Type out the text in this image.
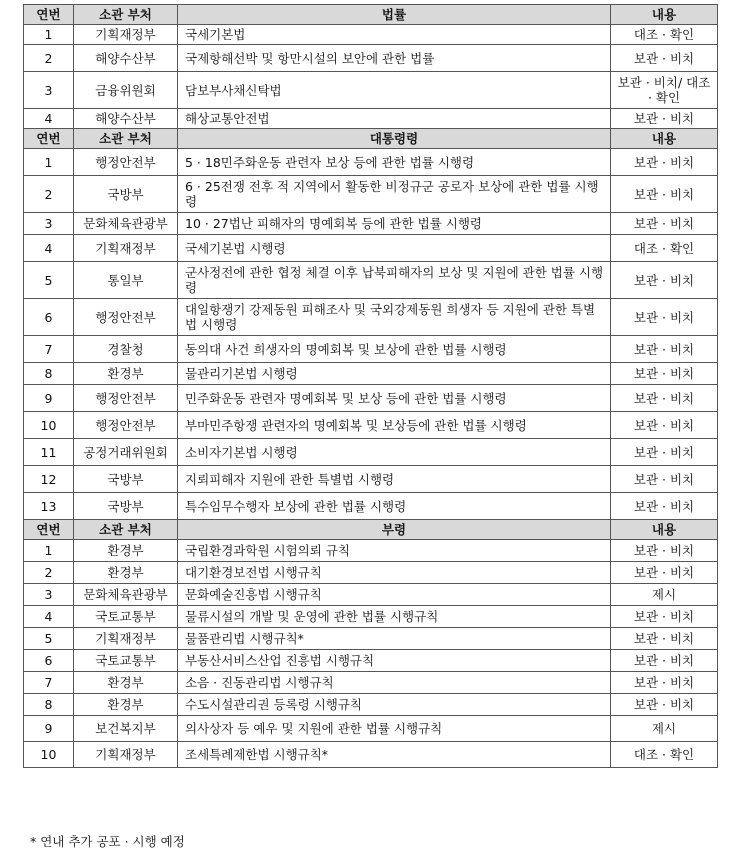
연번	소관 부처	법률	내용
1	기획재정부	국세기본법	대조 · 확인
2	해양수산부	국제항해선박 및 항만시설의 보안에 관한 법률	보관 · 비치
3	금융위원회	담보부사채신탁법	보관 · 비치/ 대조 · 확인
4	해양수산부	해상교통안전법	보관 · 비치
연번	소관 부처	대통령령	내용
1	행정안전부	5 · 18민주화운동 관련자 보상 등에 관한 법률 시행령	보관 · 비치
2	국방부	6 · 25전쟁 전후 적 지역에서 활동한 비정규군 공로자 보상에 관한 법률 시행령	보관 · 비치
3	문화체육관광부	10 · 27법난 피해자의 명예회복 등에 관한 법률 시행령	보관 · 비치
4	기획재정부	국세기본법 시행령	대조 · 확인
5	통일부	군사정전에 관한 협정 체결 이후 납북피해자의 보상 및 지원에 관한 법률 시행령	보관 · 비치
6	행정안전부	대일항쟁기 강제동원 피해조사 및 국외강제동원 희생자 등 지원에 관한 특별법 시행령	보관 · 비치
7	경찰청	동의대 사건 희생자의 명예회복 및 보상에 관한 법률 시행령	보관 · 비치
8	환경부	물관리기본법 시행령	보관 · 비치
9	행정안전부	민주화운동 관련자 명예회복 및 보상 등에 관한 법률 시행령	보관 · 비치
10	행정안전부	부마민주항쟁 관련자의 명예회복 및 보상등에 관한 법률 시행령	보관 · 비치
11	공정거래위원회	소비자기본법 시행령	보관 · 비치
12	국방부	지뢰피해자 지원에 관한 특별법 시행령	보관 · 비치
13	국방부	특수임무수행자 보상에 관한 법률 시행령	보관 · 비치
연번	소관 부처	부령	내용
1	환경부	국립환경과학원 시험의뢰 규칙	보관 · 비치
2	환경부	대기환경보전법 시행규칙	보관 · 비치
3	문화체육관광부	문화예술진흥법 시행규칙	제시
4	국토교통부	물류시설의 개발 및 운영에 관한 법률 시행규칙	보관 · 비치
5	기획재정부	물품관리법 시행규칙*	보관 · 비치
6	국토교통부	부동산서비스산업 진흥법 시행규칙	보관 · 비치
7	환경부	소음 · 진동관리법 시행규칙	보관 · 비치
8	환경부	수도시설관리권 등록령 시행규칙	보관 · 비치
9	보건복지부	의사상자 등 예우 및 지원에 관한 법률 시행규칙	제시
10	기획재정부	조세특례제한법 시행규칙*	대조 · 확인
* 연내 추가 공포 · 시행 예정
